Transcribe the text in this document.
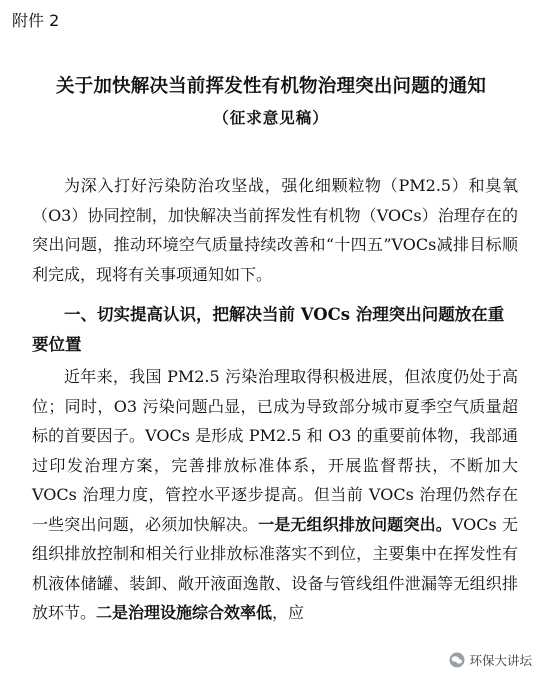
附件 2
关于加快解决当前挥发性有机物治理突出问题的通知
（征求意见稿）
为深入打好污染防治攻坚战，强化细颗粒物（PM2.5）和臭氧（O3）协同控制，加快解决当前挥发性有机物（VOCs）治理存在的突出问题，推动环境空气质量持续改善和“十四五”VOCs减排目标顺利完成，现将有关事项通知如下。
一、切实提高认识，把解决当前 VOCs 治理突出问题放在重要位置
近年来，我国 PM2.5 污染治理取得积极进展，但浓度仍处于高位；同时，O3 污染问题凸显，已成为导致部分城市夏季空气质量超标的首要因子。VOCs 是形成 PM2.5 和 O3 的重要前体物，我部通过印发治理方案，完善排放标准体系，开展监督帮扶，不断加大 VOCs 治理力度，管控水平逐步提高。但当前 VOCs 治理仍然存在一些突出问题，必须加快解决。一是无组织排放问题突出。VOCs 无组织排放控制和相关行业排放标准落实不到位，主要集中在挥发性有机液体储罐、装卸、敞开液面逸散、设备与管线组件泄漏等无组织排放环节。二是治理设施综合效率低，应
环保大讲坛
